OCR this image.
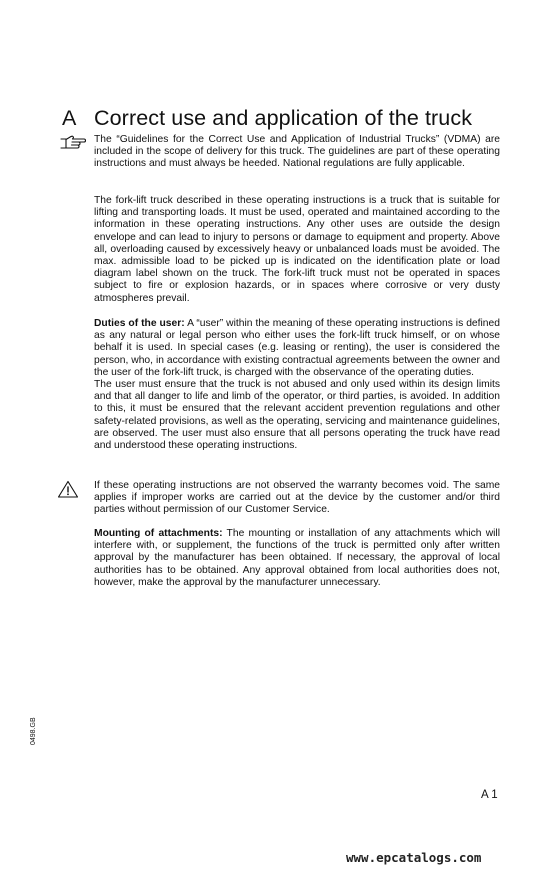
A Correct use and application of the truck

The “Guidelines for the Correct Use and Application of Industrial Trucks” (VDMA) are included in the scope of delivery for this truck. The guidelines are part of these operating instructions and must always be heeded. National regulations are fully applicable.

The fork-lift truck described in these operating instructions is a truck that is suitable for lifting and transporting loads. It must be used, operated and maintained according to the information in these operating instructions. Any other uses are outside the design envelope and can lead to injury to persons or damage to equipment and property. Above all, overloading caused by excessively heavy or unbalanced loads must be avoided. The max. admissible load to be picked up is indicated on the identification plate or load diagram label shown on the truck. The fork-lift truck must not be operated in spaces subject to fire or explosion hazards, or in spaces where corrosive or very dusty atmospheres prevail.

Duties of the user: A “user” within the meaning of these operating instructions is defined as any natural or legal person who either uses the fork-lift truck himself, or on whose behalf it is used. In special cases (e.g. leasing or renting), the user is considered the person, who, in accordance with existing contractual agreements between the owner and the user of the fork-lift truck, is charged with the observance of the operating duties.

The user must ensure that the truck is not abused and only used within its design limits and that all danger to life and limb of the operator, or third parties, is avoided. In addition to this, it must be ensured that the relevant accident prevention regulations and other safety-related provisions, as well as the operating, servicing and maintenance guidelines, are observed. The user must also ensure that all persons operating the truck have read and understood these operating instructions.

If these operating instructions are not observed the warranty becomes void. The same applies if improper works are carried out at the device by the customer and/or third parties without permission of our Customer Service.

Mounting of attachments: The mounting or installation of any attachments which will interfere with, or supplement, the functions of the truck is permitted only after written approval by the manufacturer has been obtained. If necessary, the approval of local authorities has to be obtained. Any approval obtained from local authorities does not, however, make the approval by the manufacturer unnecessary.

0498.GB
A 1
www.epcatalogs.com
